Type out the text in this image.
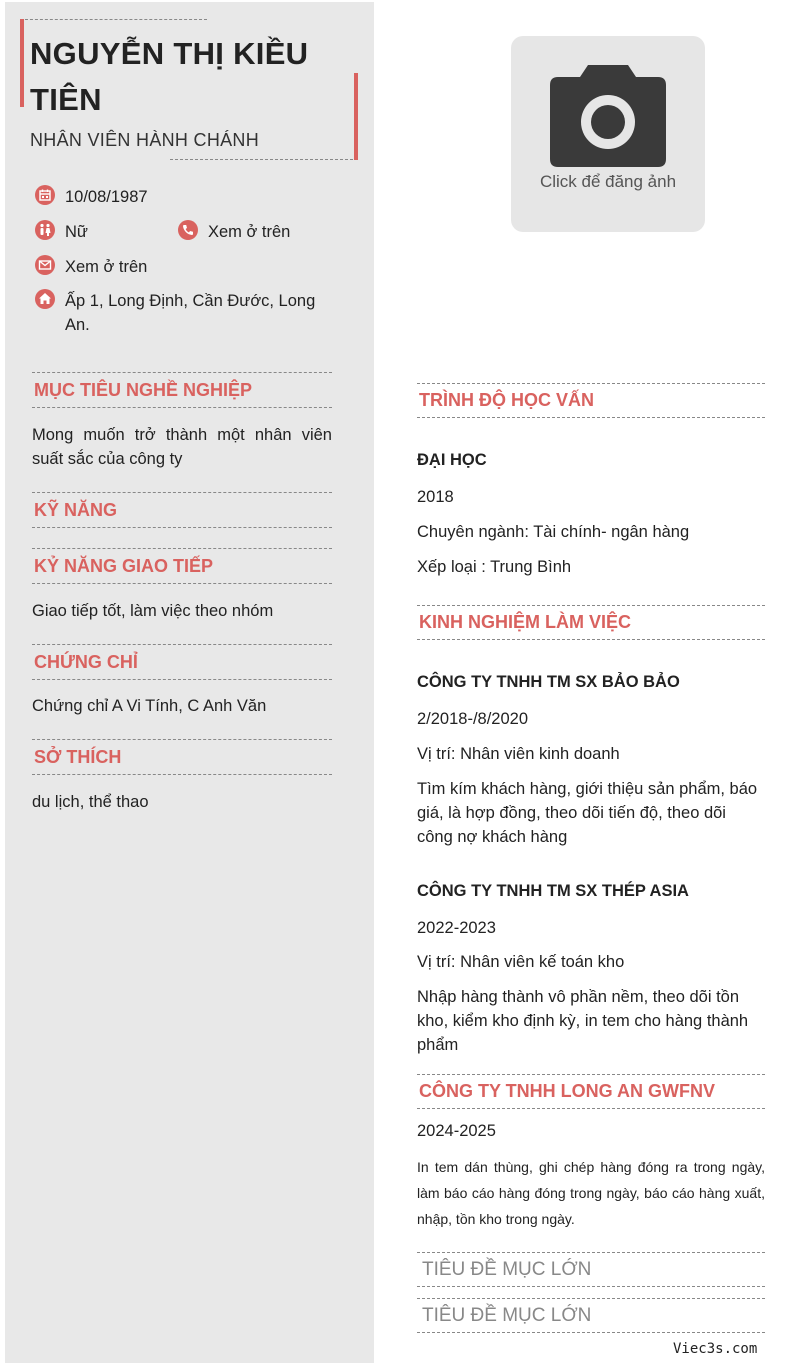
NGUYỄN THỊ KIỀU TIÊN
NHÂN VIÊN HÀNH CHÁNH
10/08/1987
Nữ	Xem ở trên
Xem ở trên
Ấp 1, Long Định, Cần Đước, Long An.
MỤC TIÊU NGHỀ NGHIỆP
Mong muốn trở thành một nhân viên suất sắc của công ty
KỸ NĂNG
KỶ NĂNG GIAO TIẾP
Giao tiếp tốt, làm việc theo nhóm
CHỨNG CHỈ
Chứng chỉ A Vi Tính, C Anh Văn
SỞ THÍCH
du lịch, thể thao
Click để đăng ảnh
TRÌNH ĐỘ HỌC VẤN
ĐẠI HỌC
2018
Chuyên ngành: Tài chính- ngân hàng
Xếp loại : Trung Bình
KINH NGHIỆM LÀM VIỆC
CÔNG TY TNHH TM SX BẢO BẢO
2/2018-/8/2020
Vị trí: Nhân viên kinh doanh
Tìm kím khách hàng, giới thiệu sản phẩm, báo giá, là hợp đồng, theo dõi tiến độ, theo dõi công nợ khách hàng
CÔNG TY TNHH TM SX THÉP ASIA
2022-2023
Vị trí: Nhân viên kế toán kho
Nhập hàng thành vô phần nềm, theo dõi tồn kho, kiểm kho định kỳ, in tem cho hàng thành phẩm
CÔNG TY TNHH LONG AN GWFNV
2024-2025
In tem dán thùng, ghi chép hàng đóng ra trong ngày, làm báo cáo hàng đóng trong ngày, báo cáo hàng xuất, nhập, tồn kho trong ngày.
TIÊU ĐỀ MỤC LỚN
TIÊU ĐỀ MỤC LỚN
Viec3s.com
